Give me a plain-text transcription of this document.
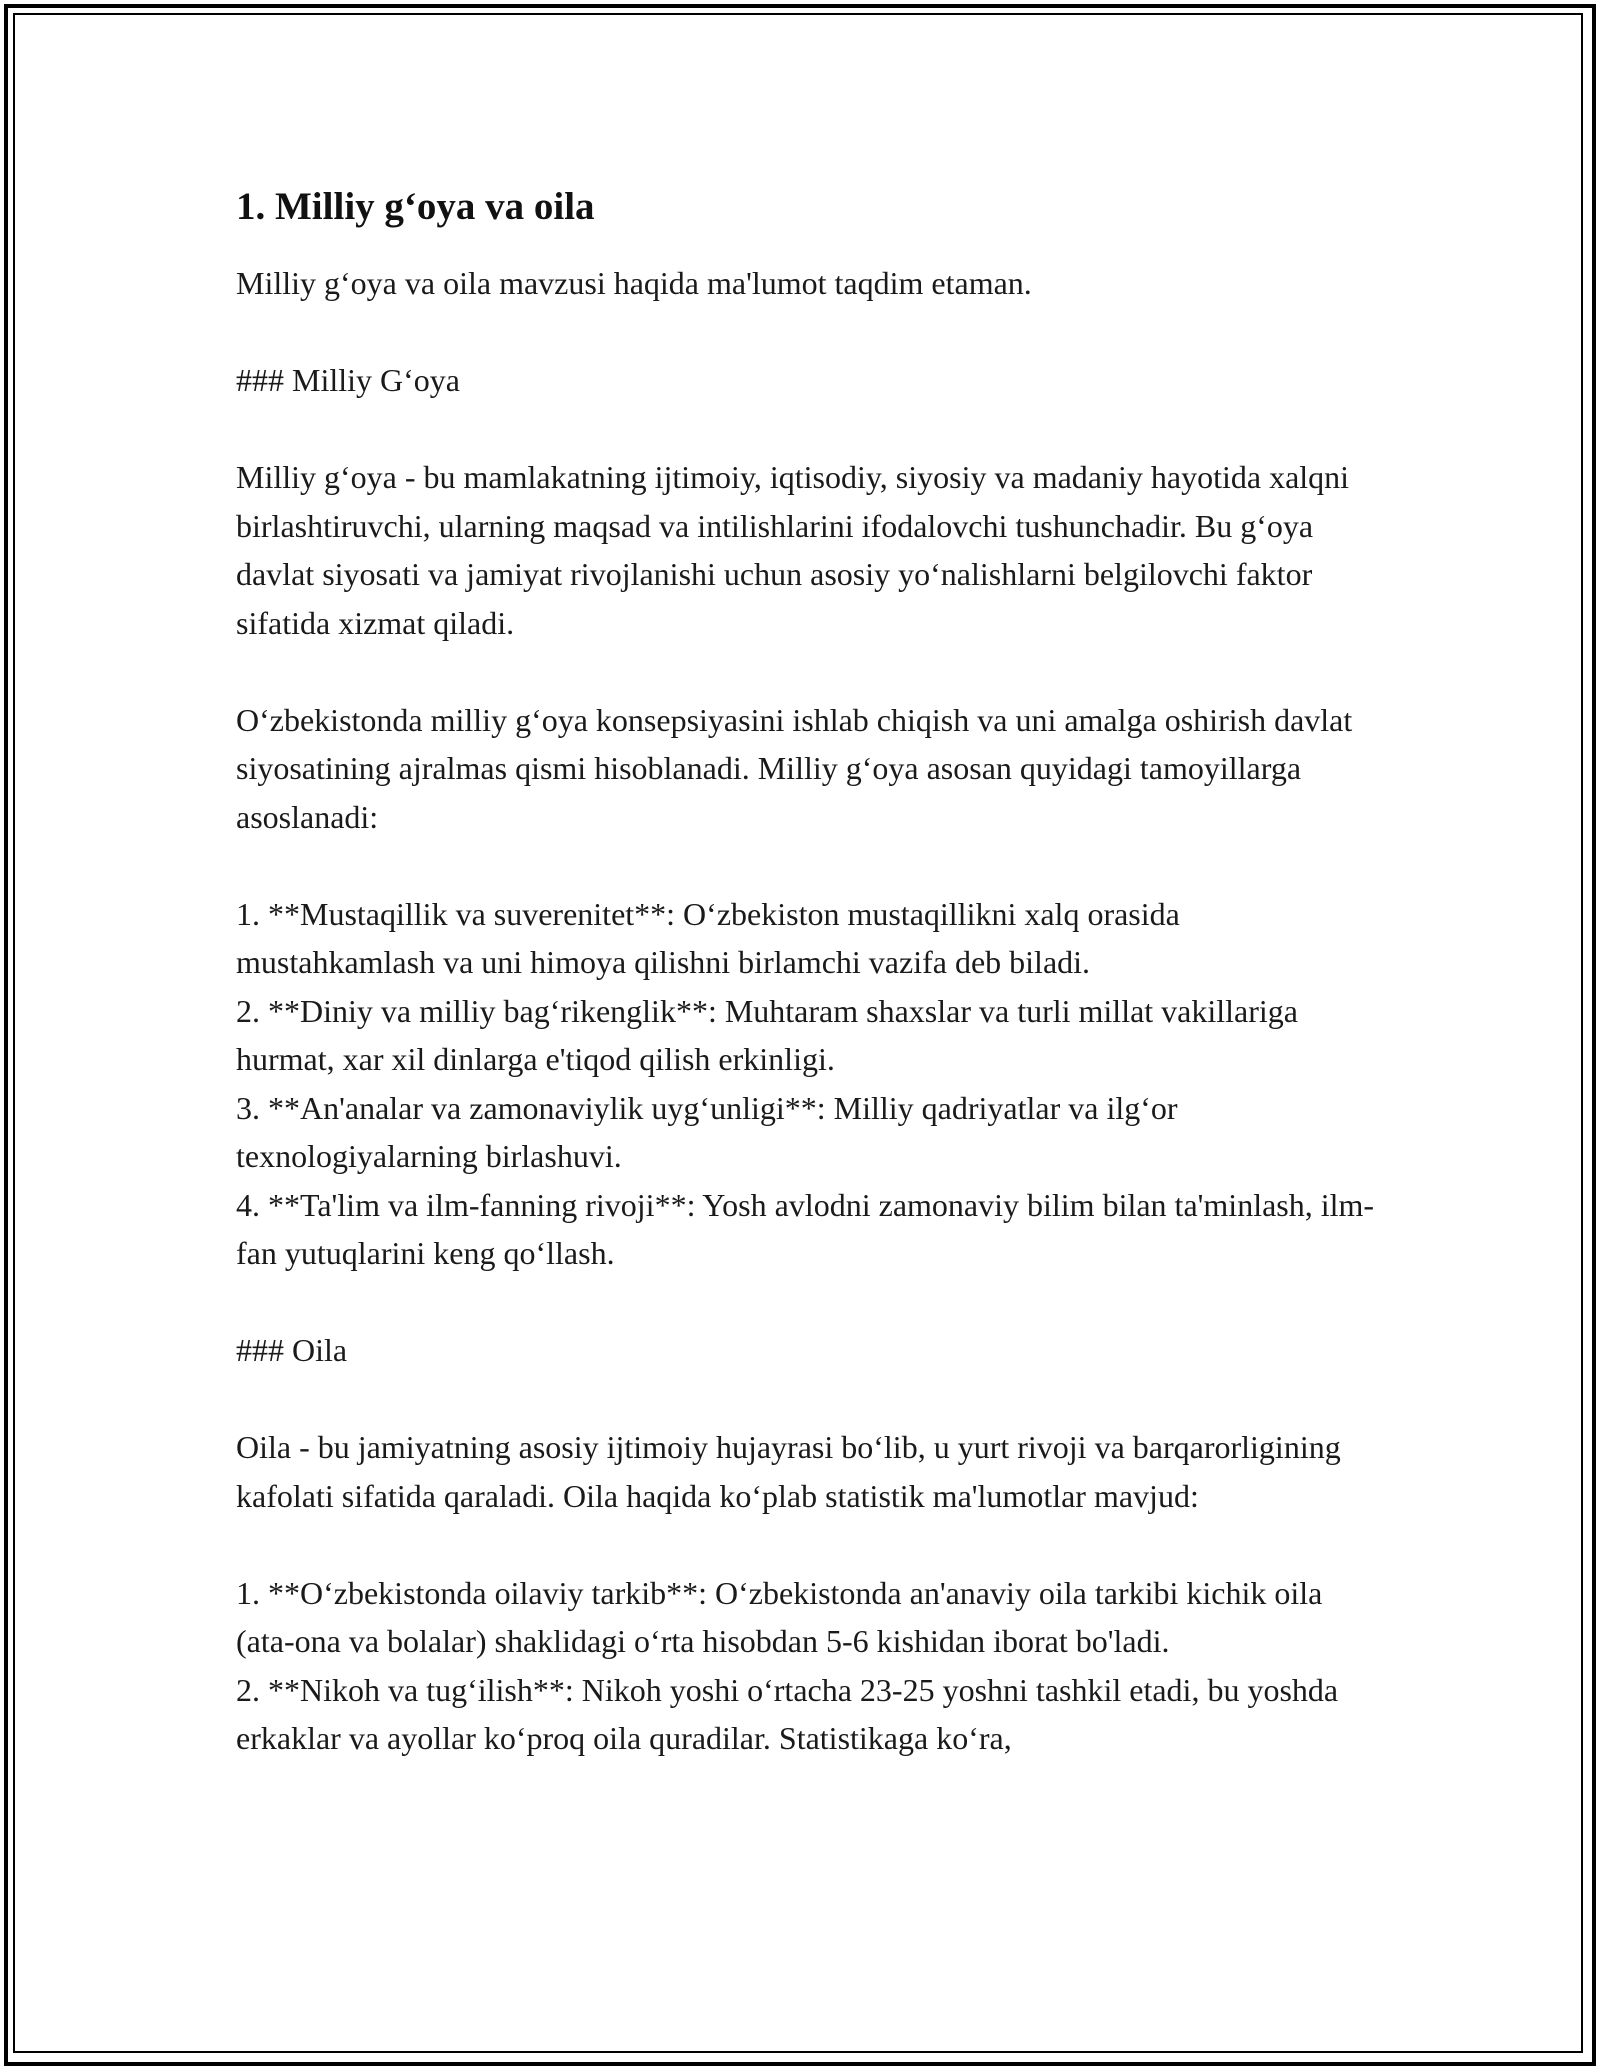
1. Milliy g‘oya va oila

Milliy g‘oya va oila mavzusi haqida ma'lumot taqdim etaman.

### Milliy G‘oya

Milliy g‘oya - bu mamlakatning ijtimoiy, iqtisodiy, siyosiy va madaniy hayotida xalqni birlashtiruvchi, ularning maqsad va intilishlarini ifodalovchi tushunchadir. Bu g‘oya davlat siyosati va jamiyat rivojlanishi uchun asosiy yo‘nalishlarni belgilovchi faktor sifatida xizmat qiladi.

O‘zbekistonda milliy g‘oya konsepsiyasini ishlab chiqish va uni amalga oshirish davlat siyosatining ajralmas qismi hisoblanadi. Milliy g‘oya asosan quyidagi tamoyillarga asoslanadi:

1. **Mustaqillik va suverenitet**: O‘zbekiston mustaqillikni xalq orasida mustahkamlash va uni himoya qilishni birlamchi vazifa deb biladi.
2. **Diniy va milliy bag‘rikenglik**: Muhtaram shaxslar va turli millat vakillariga hurmat, xar xil dinlarga e'tiqod qilish erkinligi.
3. **An'analar va zamonaviylik uyg‘unligi**: Milliy qadriyatlar va ilg‘or texnologiyalarning birlashuvi.
4. **Ta'lim va ilm-fanning rivoji**: Yosh avlodni zamonaviy bilim bilan ta'minlash, ilm-fan yutuqlarini keng qo‘llash.

### Oila

Oila - bu jamiyatning asosiy ijtimoiy hujayrasi bo‘lib, u yurt rivoji va barqarorligining kafolati sifatida qaraladi. Oila haqida ko‘plab statistik ma'lumotlar mavjud:

1. **O‘zbekistonda oilaviy tarkib**: O‘zbekistonda an'anaviy oila tarkibi kichik oila (ata-ona va bolalar) shaklidagi o‘rta hisobdan 5-6 kishidan iborat bo'ladi.
2. **Nikoh va tug‘ilish**: Nikoh yoshi o‘rtacha 23-25 yoshni tashkil etadi, bu yoshda erkaklar va ayollar ko‘proq oila quradilar. Statistikaga ko‘ra,
